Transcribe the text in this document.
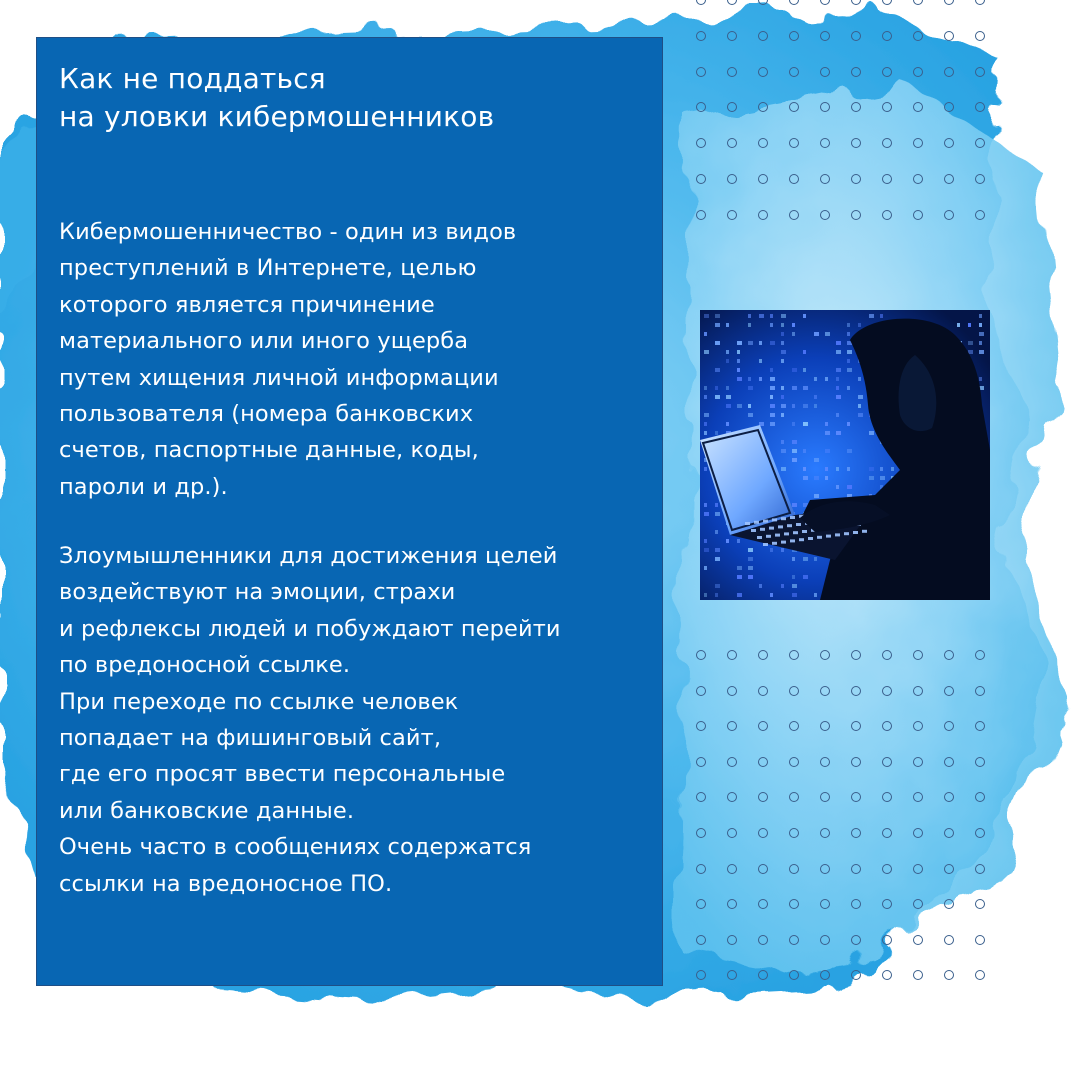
Как не поддаться
на уловки кибермошенников

Кибермошенничество - один из видов
преступлений в Интернете, целью
которого является причинение
материального или иного ущерба
путем хищения личной информации
пользователя (номера банковских
счетов, паспортные данные, коды,
пароли и др.).

Злоумышленники для достижения целей
воздействуют на эмоции, страхи
и рефлексы людей и побуждают перейти
по вредоносной ссылке.
При переходе по ссылке человек
попадает на фишинговый сайт,
где его просят ввести персональные
или банковские данные.
Очень часто в сообщениях содержатся
ссылки на вредоносное ПО.
